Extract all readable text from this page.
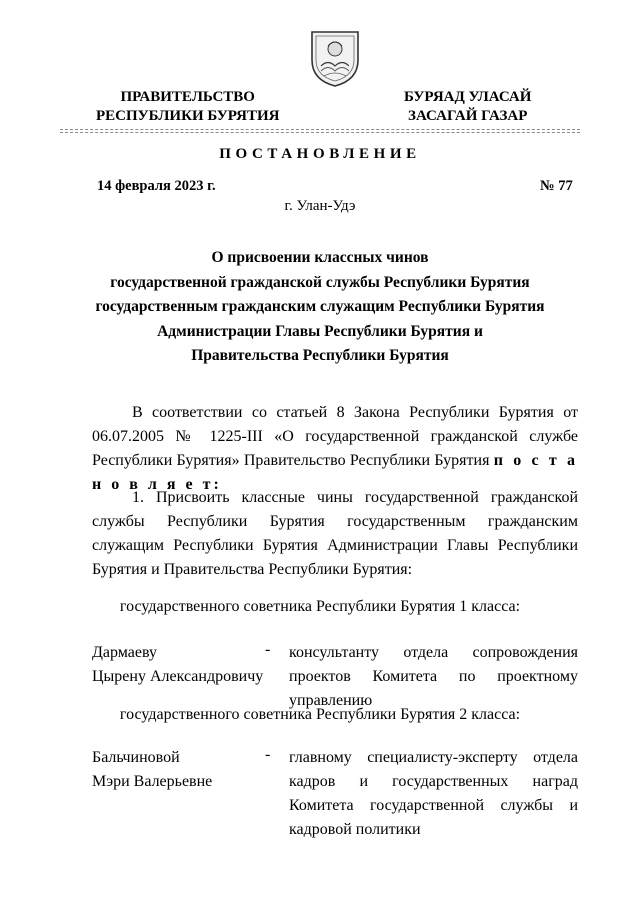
ПРАВИТЕЛЬСТВО
РЕСПУБЛИКИ БУРЯТИЯ
БУРЯАД УЛАСАЙ
ЗАСАГАЙ ГАЗАР
ПОСТАНОВЛЕНИЕ
14 февраля 2023 г.	№ 77
г. Улан-Удэ
О присвоении классных чинов
государственной гражданской службы Республики Бурятия
государственным гражданским служащим Республики Бурятия
Администрации Главы Республики Бурятия и
Правительства Республики Бурятия
В соответствии со статьей 8 Закона Республики Бурятия от 06.07.2005 № 1225-III «О государственной гражданской службе Республики Бурятия» Правительство Республики Бурятия п о с т а н о в л я е т:
1. Присвоить классные чины государственной гражданской службы Республики Бурятия государственным гражданским служащим Республики Бурятия Администрации Главы Республики Бурятия и Правительства Республики Бурятия:
государственного советника Республики Бурятия 1 класса:
Дармаеву
Цырену Александровичу
- консультанту отдела сопровождения проектов Комитета по проектному управлению
государственного советника Республики Бурятия 2 класса:
Бальчиновой
Мэри Валерьевне
- главному специалисту-эксперту отдела кадров и государственных наград Комитета государственной службы и кадровой политики
